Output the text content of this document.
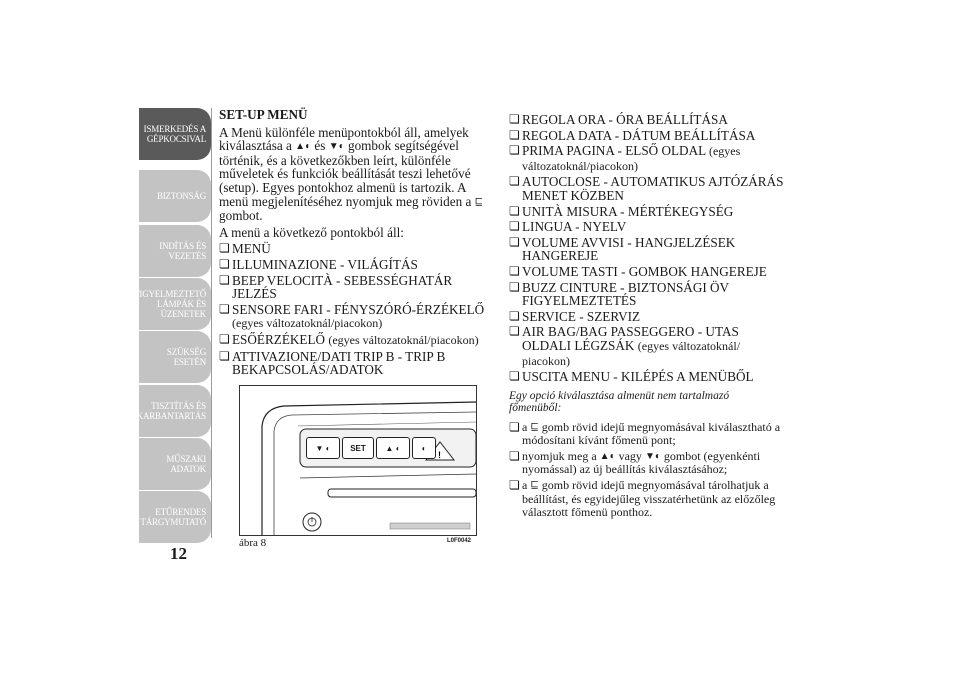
ISMERKEDÉS A
GÉPKOCSIVAL
BIZTONSÁG
INDÍTÁS ÉS
VEZETÉS
FIGYELMEZTETŐ
LÁMPÁK ÉS
ÜZENETEK
SZÜKSÉG ESETÉN
TISZTÍTÁS ÉS
KARBANTARTÁS
MŰSZAKI ADATOK
ETŰRENDES
TÁRGYMUTATÓ
12
SET-UP MENÜ

A Menü különféle menüpontokból áll, amelyek kiválasztása a ▲◐ és ▼◐ gombok segítségével történik, és a következőkben leírt, különféle műveletek és funkciók beállítását teszi lehetővé (setup). Egyes pontokhoz almenü is tartozik. A menü megjelenítéséhez nyomjuk meg röviden a ⊑ gombot.

A menü a következő pontokból áll:

❏ MENÜ
❏ ILLUMINAZIONE - VILÁGÍTÁS
❏ BEEP VELOCITÀ - SEBESSÉGHATÁR JELZÉS
❏ SENSORE FARI - FÉNYSZÓRÓ-ÉRZÉKELŐ (egyes változatoknál/piacokon)
❏ ESŐÉRZÉKELŐ (egyes változatoknál/piacokon)
❏ ATTIVAZIONE/DATI TRIP B - TRIP B BEKAPCSOLÁS/ADATOK
!
▼ ◐	SET	▲ ◐	◐
ábra 8	L0F0042
❏ REGOLA ORA - ÓRA BEÁLLÍTÁSA
❏ REGOLA DATA - DÁTUM BEÁLLÍTÁSA
❏ PRIMA PAGINA - ELSŐ OLDAL (egyes változatoknál/piacokon)
❏ AUTOCLOSE - AUTOMATIKUS AJTÓZÁRÁS MENET KÖZBEN
❏ UNITÀ MISURA - MÉRTÉKEGYSÉG
❏ LINGUA - NYELV
❏ VOLUME AVVISI - HANGJELZÉSEK HANGEREJE
❏ VOLUME TASTI - GOMBOK HANGEREJE
❏ BUZZ CINTURE - BIZTONSÁGI ÖV FIGYELMEZTETÉS
❏ SERVICE - SZERVIZ
❏ AIR BAG/BAG PASSEGGERO - UTAS OLDALI LÉGZSÁK (egyes változatoknál/ piacokon)
❏ USCITA MENU - KILÉPÉS A MENÜBŐL
Egy opció kiválasztása almenüt nem tartalmazó főmenüből:
❏ a ⊑ gomb rövid idejű megnyomásával kiválasztható a módosítani kívánt főmenü pont;
❏ nyomjuk meg a ▲◐ vagy ▼◐ gombot (egyenkénti nyomással) az új beállítás kiválasztásához;
❏ a ⊑ gomb rövid idejű megnyomásával tárolhatjuk a beállítást, és egyidejűleg visszatérhetünk az előzőleg választott főmenü ponthoz.
